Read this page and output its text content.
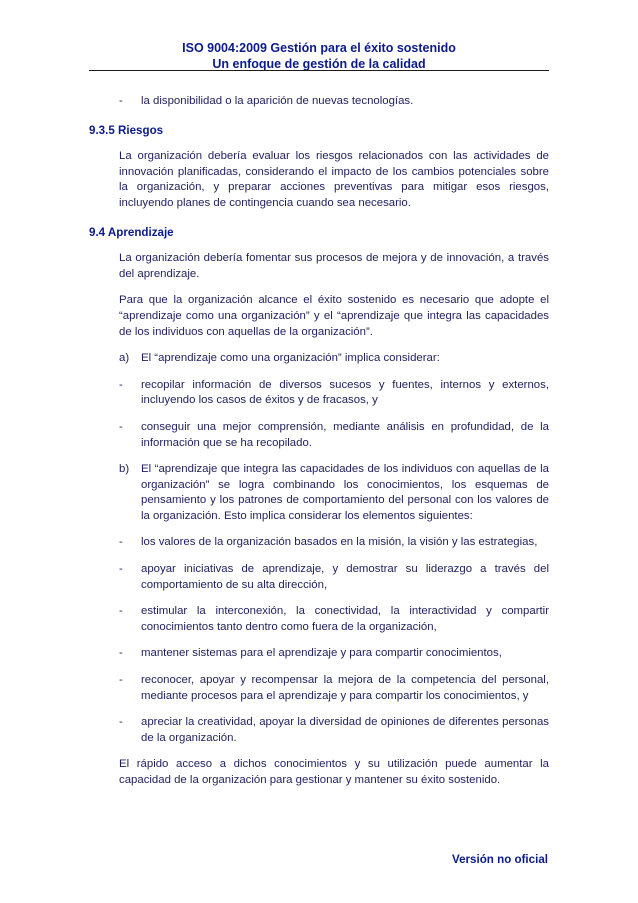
ISO 9004:2009 Gestión para el éxito sostenido
Un enfoque de gestión de la calidad
-	la disponibilidad o la aparición de nuevas tecnologías.

9.3.5 Riesgos

La organización debería evaluar los riesgos relacionados con las actividades de innovación planificadas, considerando el impacto de los cambios potenciales sobre la organización, y preparar acciones preventivas para mitigar esos riesgos, incluyendo planes de contingencia cuando sea necesario.

9.4 Aprendizaje

La organización debería fomentar sus procesos de mejora y de innovación, a través del aprendizaje.

Para que la organización alcance el éxito sostenido es necesario que adopte el “aprendizaje como una organización” y el “aprendizaje que integra las capacidades de los individuos con aquellas de la organización”.

a)	El “aprendizaje como una organización” implica considerar:
-	recopilar información de diversos sucesos y fuentes, internos y externos, incluyendo los casos de éxitos y de fracasos, y
-	conseguir una mejor comprensión, mediante análisis en profundidad, de la información que se ha recopilado.
b)	El “aprendizaje que integra las capacidades de los individuos con aquellas de la organización” se logra combinando los conocimientos, los esquemas de pensamiento y los patrones de comportamiento del personal con los valores de la organización. Esto implica considerar los elementos siguientes:
-	los valores de la organización basados en la misión, la visión y las estrategias,
-	apoyar iniciativas de aprendizaje, y demostrar su liderazgo a través del comportamiento de su alta dirección,
-	estimular la interconexión, la conectividad, la interactividad y compartir conocimientos tanto dentro como fuera de la organización,
-	mantener sistemas para el aprendizaje y para compartir conocimientos,
-	reconocer, apoyar y recompensar la mejora de la competencia del personal, mediante procesos para el aprendizaje y para compartir los conocimientos, y
-	apreciar la creatividad, apoyar la diversidad de opiniones de diferentes personas de la organización.

El rápido acceso a dichos conocimientos y su utilización puede aumentar la capacidad de la organización para gestionar y mantener su éxito sostenido.

Versión no oficial
